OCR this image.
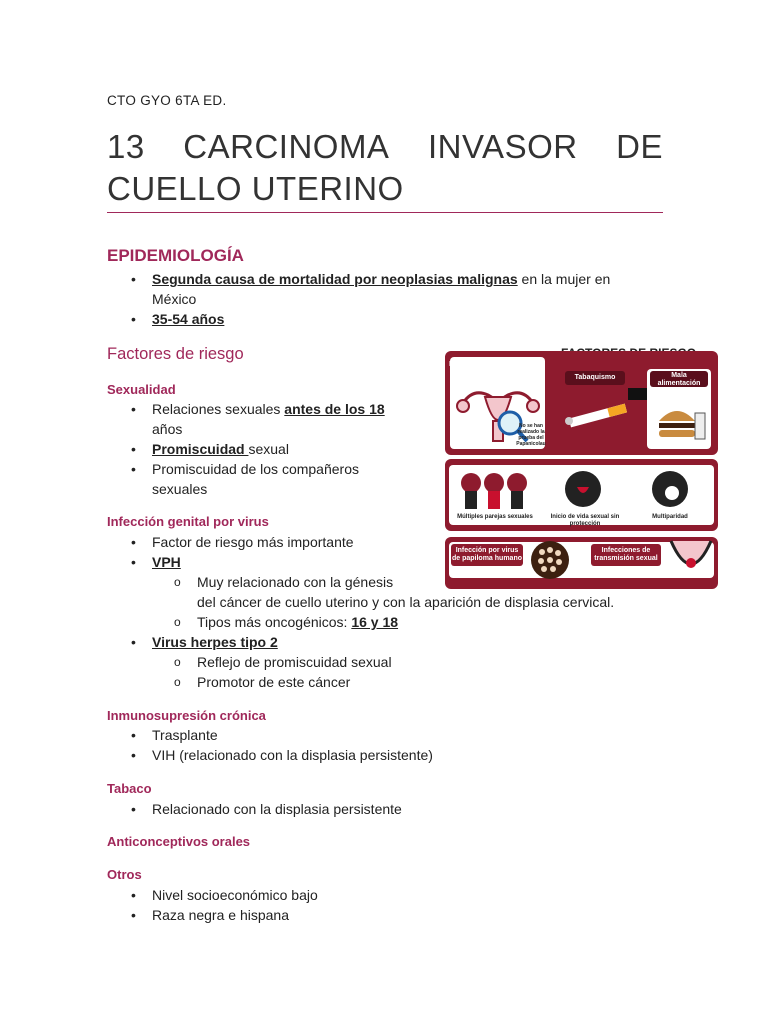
CTO GYO 6TA ED.
13 CARCINOMA INVASOR DE
CUELLO UTERINO
EPIDEMIOLOGÍA
• Segunda causa de mortalidad por neoplasias malignas en la mujer en México
• 35-54 años
Factores de riesgo
Sexualidad
• Relaciones sexuales antes de los 18 años
• Promiscuidad sexual
• Promiscuidad de los compañeros sexuales
Infección genital por virus
• Factor de riesgo más importante
• VPH
o Muy relacionado con la génesis
del cáncer de cuello uterino y con la aparición de displasia cervical.
o Tipos más oncogénicos: 16 y 18
• Virus herpes tipo 2
o Reflejo de promiscuidad sexual
o Promotor de este cáncer
Inmunosupresión crónica
• Trasplante
• VIH (relacionado con la displasia persistente)
Tabaco
• Relacionado con la displasia persistente
Anticonceptivos orales
Otros
• Nivel socioeconómico bajo
• Raza negra e hispana
Edad de 25-64 años
No se han realizado la prueba del Papanicolau
Tabaquismo	Mala alimentación
Múltiples parejas sexuales	Inicio de vida sexual sin protección
Multiparidad
Infección por virus de papiloma humano
Infecciones de transmisión sexual
